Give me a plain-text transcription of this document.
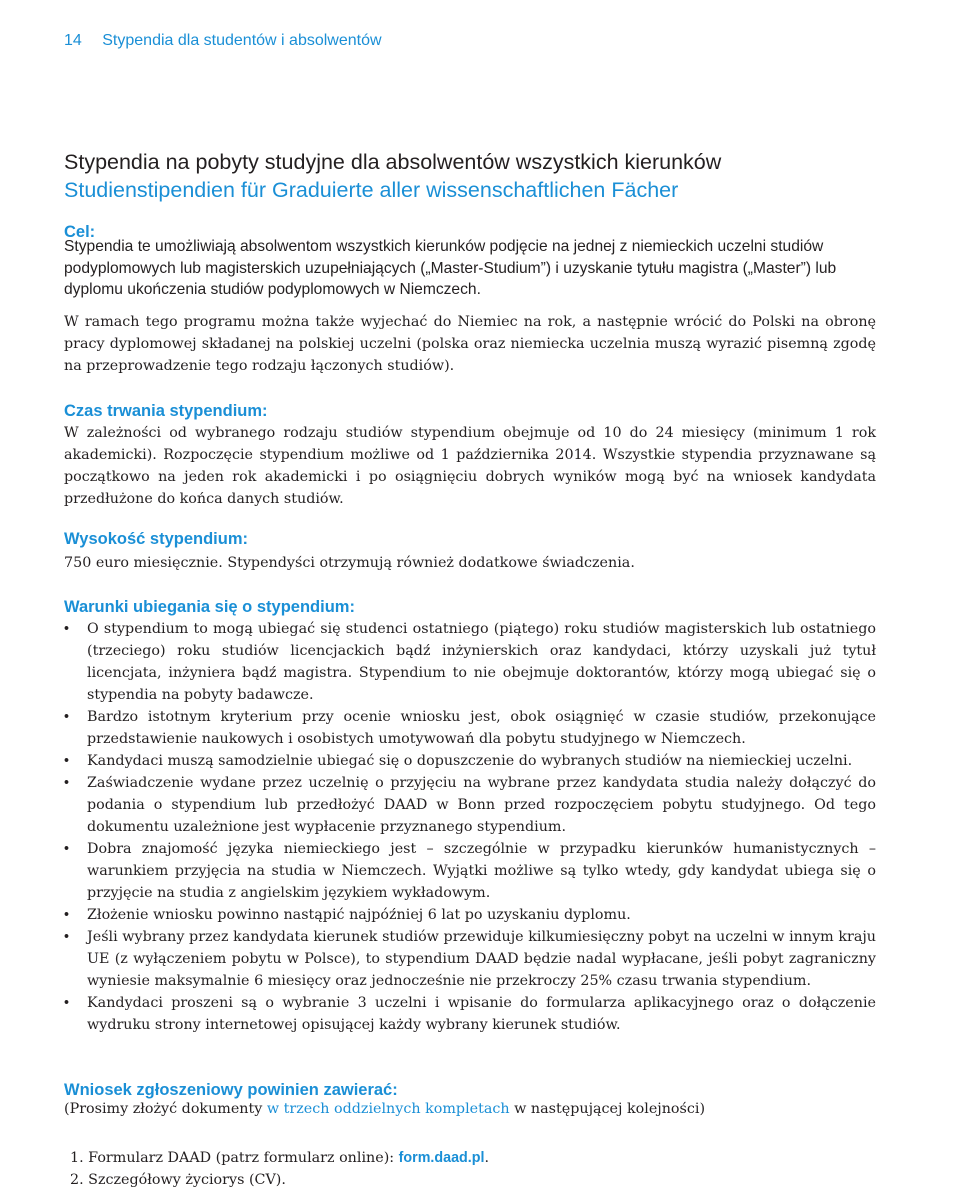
14 Stypendia dla studentów i absolwentów
Stypendia na pobyty studyjne dla absolwentów wszystkich kierunków
Studienstipendien für Graduierte aller wissenschaftlichen Fächer
Cel:
Stypendia te umożliwiają absolwentom wszystkich kierunków podjęcie na jednej z niemieckich uczelni studiów podyplomowych lub magisterskich uzupełniających („Master-Studium”) i uzyskanie tytułu magistra („Master”) lub dyplomu ukończenia studiów podyplomowych w Niemczech.
W ramach tego programu można także wyjechać do Niemiec na rok, a następnie wrócić do Polski na obronę pracy dyplomowej składanej na polskiej uczelni (polska oraz niemiecka uczelnia muszą wyrazić pisemną zgodę na przeprowadzenie tego rodzaju łączonych studiów).
Czas trwania stypendium:
W zależności od wybranego rodzaju studiów stypendium obejmuje od 10 do 24 miesięcy (minimum 1 rok akademicki). Rozpoczęcie stypendium możliwe od 1 października 2014. Wszystkie stypendia przyznawane są początkowo na jeden rok akademicki i po osiągnięciu dobrych wyników mogą być na wniosek kandydata przedłużone do końca danych studiów.
Wysokość stypendium:
750 euro miesięcznie. Stypendyści otrzymują również dodatkowe świadczenia.
Warunki ubiegania się o stypendium:
• O stypendium to mogą ubiegać się studenci ostatniego (piątego) roku studiów magisterskich lub ostatniego (trzeciego) roku studiów licencjackich bądź inżynierskich oraz kandydaci, którzy uzyskali już tytuł licencjata, inżyniera bądź magistra. Stypendium to nie obejmuje doktorantów, którzy mogą ubiegać się o stypendia na pobyty badawcze.
• Bardzo istotnym kryterium przy ocenie wniosku jest, obok osiągnięć w czasie studiów, przekonujące przedstawienie naukowych i osobistych umotywowań dla pobytu studyjnego w Niemczech.
• Kandydaci muszą samodzielnie ubiegać się o dopuszczenie do wybranych studiów na niemieckiej uczelni.
• Zaświadczenie wydane przez uczelnię o przyjęciu na wybrane przez kandydata studia należy dołączyć do podania o stypendium lub przedłożyć DAAD w Bonn przed rozpoczęciem pobytu studyjnego. Od tego dokumentu uzależnione jest wypłacenie przyznanego stypendium.
• Dobra znajomość języka niemieckiego jest – szczególnie w przypadku kierunków humanistycznych – warunkiem przyjęcia na studia w Niemczech. Wyjątki możliwe są tylko wtedy, gdy kandydat ubiega się o przyjęcie na studia z angielskim językiem wykładowym.
• Złożenie wniosku powinno nastąpić najpóźniej 6 lat po uzyskaniu dyplomu.
• Jeśli wybrany przez kandydata kierunek studiów przewiduje kilkumiesięczny pobyt na uczelni w innym kraju UE (z wyłączeniem pobytu w Polsce), to stypendium DAAD będzie nadal wypłacane, jeśli pobyt zagraniczny wyniesie maksymalnie 6 miesięcy oraz jednocześnie nie przekroczy 25% czasu trwania stypendium.
• Kandydaci proszeni są o wybranie 3 uczelni i wpisanie do formularza aplikacyjnego oraz o dołączenie wydruku strony internetowej opisującej każdy wybrany kierunek studiów.
Wniosek zgłoszeniowy powinien zawierać:
(Prosimy złożyć dokumenty w trzech oddzielnych kompletach w następującej kolejności)
1. Formularz DAAD (patrz formularz online): form.daad.pl.
2. Szczegółowy życiorys (CV).
